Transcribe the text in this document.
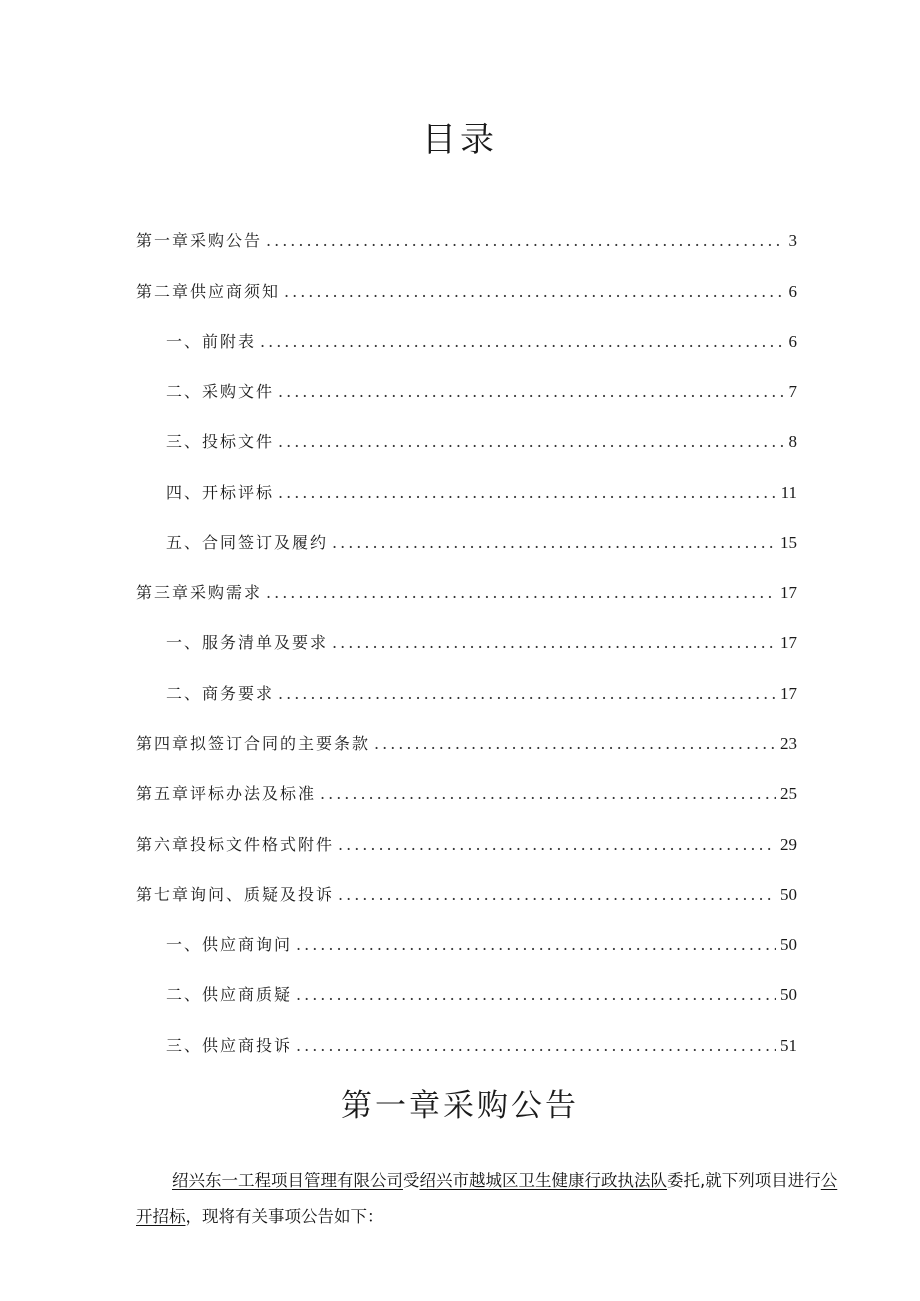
目录
第一章采购公告 .....	3
第二章供应商须知 .....	6
一、前附表 .....	6
二、采购文件 .....	7
三、投标文件 .....	8
四、开标评标 .....	11
五、合同签订及履约 .....	15
第三章采购需求 .....	17
一、服务清单及要求 .....	17
二、商务要求 .....	17
第四章拟签订合同的主要条款 .....	23
第五章评标办法及标准 .....	25
第六章投标文件格式附件 .....	29
第七章询问、质疑及投诉 .....	50
一、供应商询问 .....	50
二、供应商质疑 .....	50
三、供应商投诉 .....	51
第一章采购公告
绍兴东一工程项目管理有限公司受绍兴市越城区卫生健康行政执法队委托,就下列项目进行公开招标，现将有关事项公告如下：
